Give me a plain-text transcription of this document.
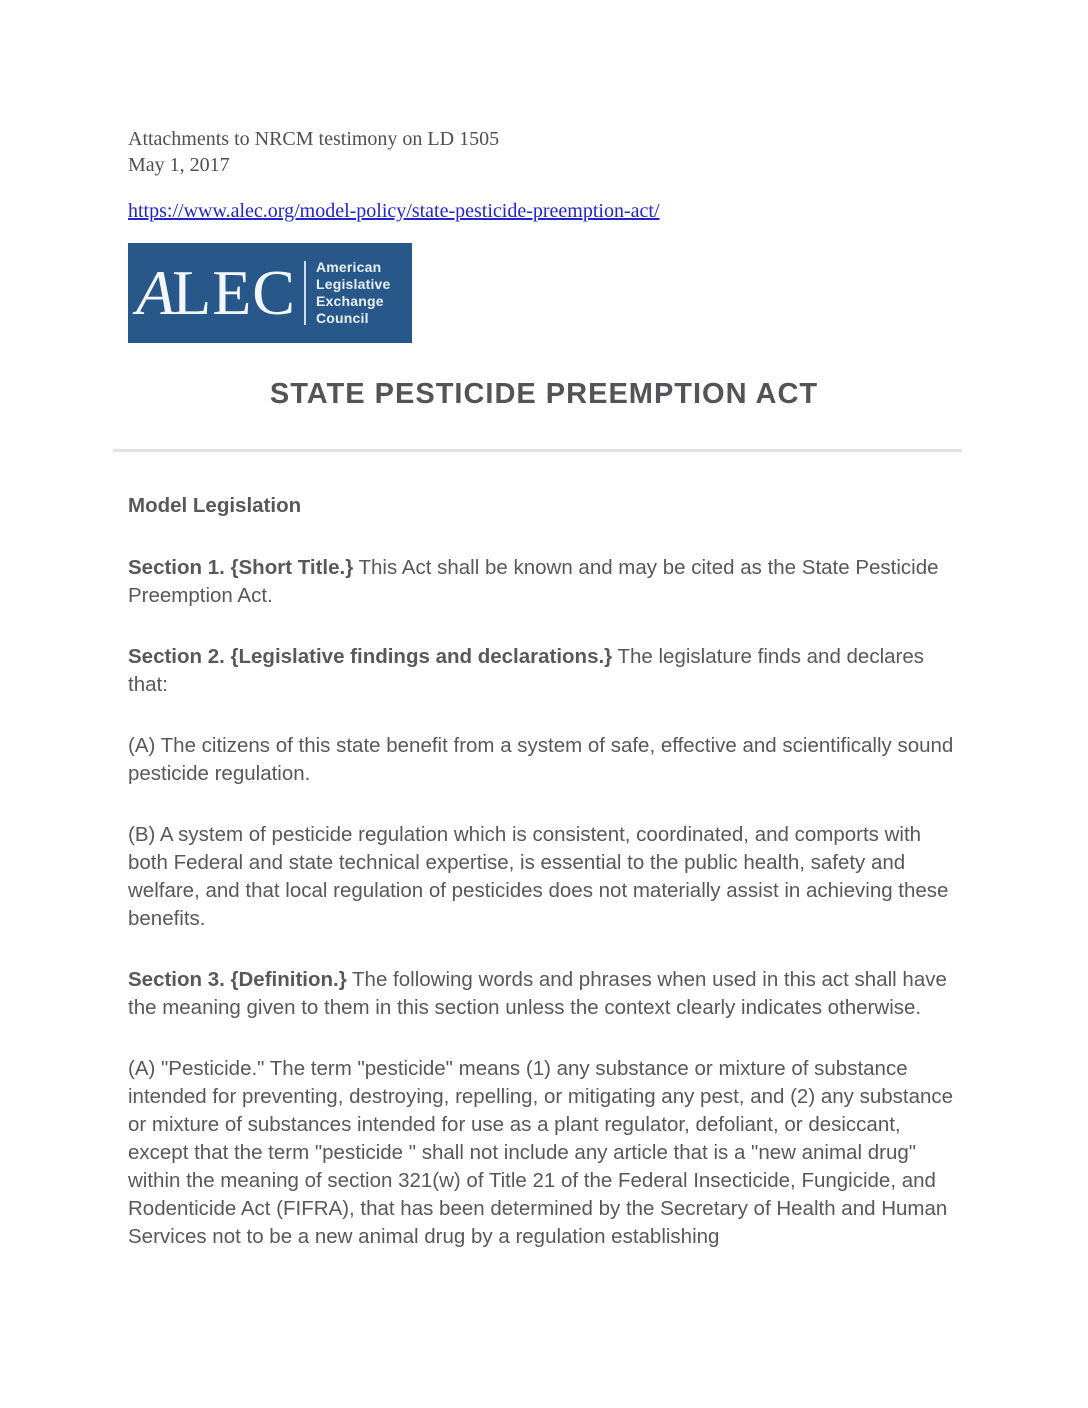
Attachments to NRCM testimony on LD 1505
May 1, 2017
https://www.alec.org/model-policy/state-pesticide-preemption-act/
ALEC American
Legislative
Exchange
Council
STATE PESTICIDE PREEMPTION ACT
Model Legislation

Section 1. {Short Title.} This Act shall be known and may be cited as the State Pesticide Preemption Act.

Section 2. {Legislative findings and declarations.} The legislature finds and declares that:

(A) The citizens of this state benefit from a system of safe, effective and scientifically sound pesticide regulation.

(B) A system of pesticide regulation which is consistent, coordinated, and comports with both Federal and state technical expertise, is essential to the public health, safety and welfare, and that local regulation of pesticides does not materially assist in achieving these benefits.

Section 3. {Definition.} The following words and phrases when used in this act shall have the meaning given to them in this section unless the context clearly indicates otherwise.

(A) "Pesticide." The term "pesticide" means (1) any substance or mixture of substance intended for preventing, destroying, repelling, or mitigating any pest, and (2) any substance or mixture of substances intended for use as a plant regulator, defoliant, or desiccant, except that the term "pesticide " shall not include any article that is a "new animal drug" within the meaning of section 321(w) of Title 21 of the Federal Insecticide, Fungicide, and Rodenticide Act (FIFRA), that has been determined by the Secretary of Health and Human Services not to be a new animal drug by a regulation establishing
